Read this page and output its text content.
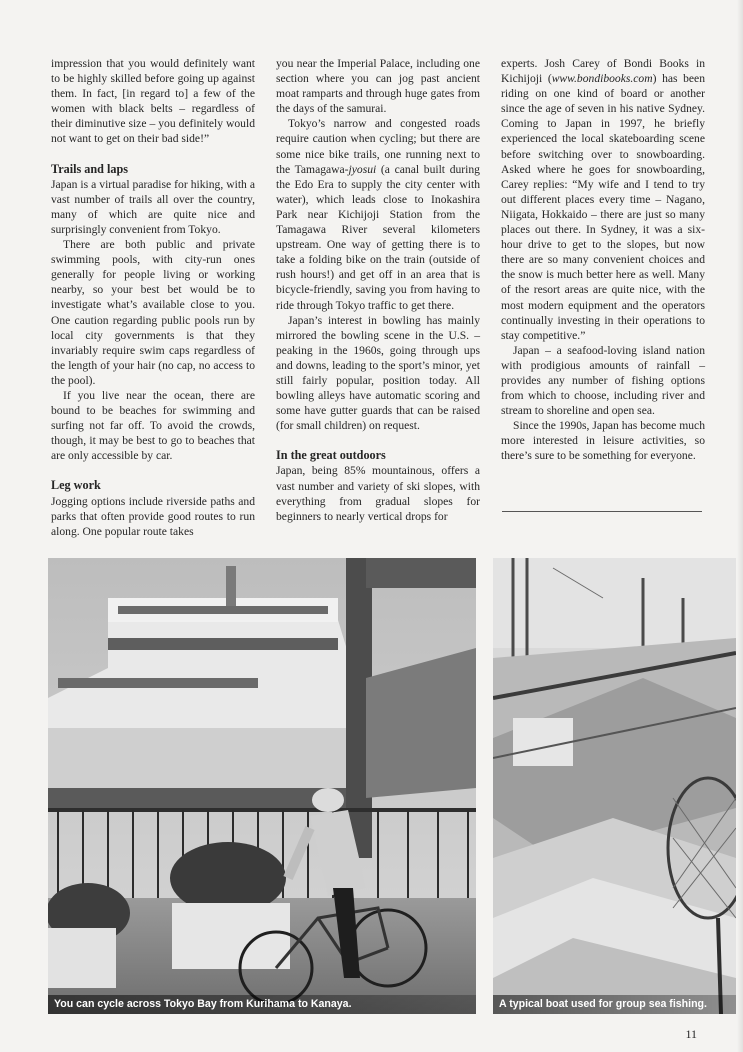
impression that you would definitely want to be highly skilled before going up against them. In fact, [in regard to] a few of the women with black belts – regardless of their diminutive size – you definitely would not want to get on their bad side!”

Trails and laps

Japan is a virtual paradise for hiking, with a vast number of trails all over the country, many of which are quite nice and surprisingly convenient from Tokyo.

There are both public and private swimming pools, with city-run ones generally for people living or working nearby, so your best bet would be to investigate what’s available close to you. One caution regarding public pools run by local city governments is that they invariably require swim caps regardless of the length of your hair (no cap, no access to the pool).

If you live near the ocean, there are bound to be beaches for swimming and surfing not far off. To avoid the crowds, though, it may be best to go to beaches that are only accessible by car.

Leg work

Jogging options include riverside paths and parks that often provide good routes to run along. One popular route takes

you near the Imperial Palace, including one section where you can jog past ancient moat ramparts and through huge gates from the days of the samurai.

Tokyo’s narrow and congested roads require caution when cycling; but there are some nice bike trails, one running next to the Tamagawa-jyosui (a canal built during the Edo Era to supply the city center with water), which leads close to Inokashira Park near Kichijoji Station from the Tamagawa River several kilometers upstream. One way of getting there is to take a folding bike on the train (outside of rush hours!) and get off in an area that is bicycle-friendly, saving you from having to ride through Tokyo traffic to get there.

Japan’s interest in bowling has mainly mirrored the bowling scene in the U.S. – peaking in the 1960s, going through ups and downs, leading to the sport’s minor, yet still fairly popular, position today. All bowling alleys have automatic scoring and some have gutter guards that can be raised (for small children) on request.

In the great outdoors

Japan, being 85% mountainous, offers a vast number and variety of ski slopes, with everything from gradual slopes for beginners to nearly vertical drops for

experts. Josh Carey of Bondi Books in Kichijoji (www.bondibooks.com) has been riding on one kind of board or another since the age of seven in his native Sydney. Coming to Japan in 1997, he briefly experienced the local skateboarding scene before switching over to snowboarding. Asked where he goes for snowboarding, Carey replies: “My wife and I tend to try out different places every time – Nagano, Niigata, Hokkaido – there are just so many places out there. In Sydney, it was a six-hour drive to get to the slopes, but now there are so many convenient choices and the snow is much better here as well. Many of the resort areas are quite nice, with the most modern equipment and the operators continually investing in their operations to stay competitive.”

Japan – a seafood-loving island nation with prodigious amounts of rainfall – provides any number of fishing options from which to choose, including river and stream to shoreline and open sea.

Since the 1990s, Japan has become much more interested in leisure activities, so there’s sure to be something for everyone.

You can cycle across Tokyo Bay from Kurihama to Kanaya.	A typical boat used for group sea fishing.
11
